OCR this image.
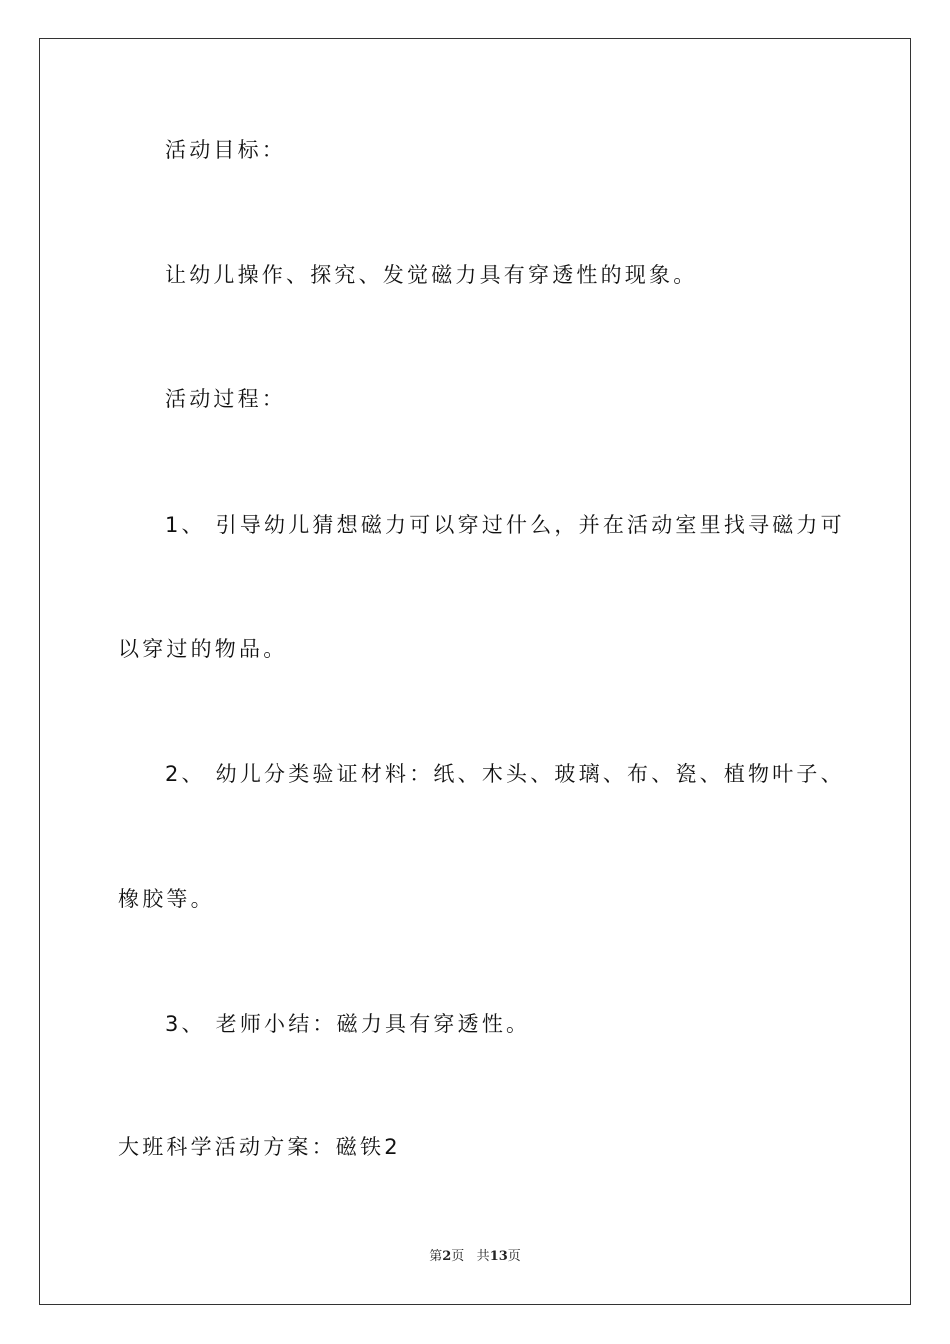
活动目标：
让幼儿操作、探究、发觉磁力具有穿透性的现象。
活动过程：
1、 引导幼儿猜想磁力可以穿过什么，并在活动室里找寻磁力可
以穿过的物品。
2、 幼儿分类验证材料：纸、木头、玻璃、布、瓷、植物叶子、
橡胶等。
3、 老师小结：磁力具有穿透性。
大班科学活动方案：磁铁2
第2页 共13页
